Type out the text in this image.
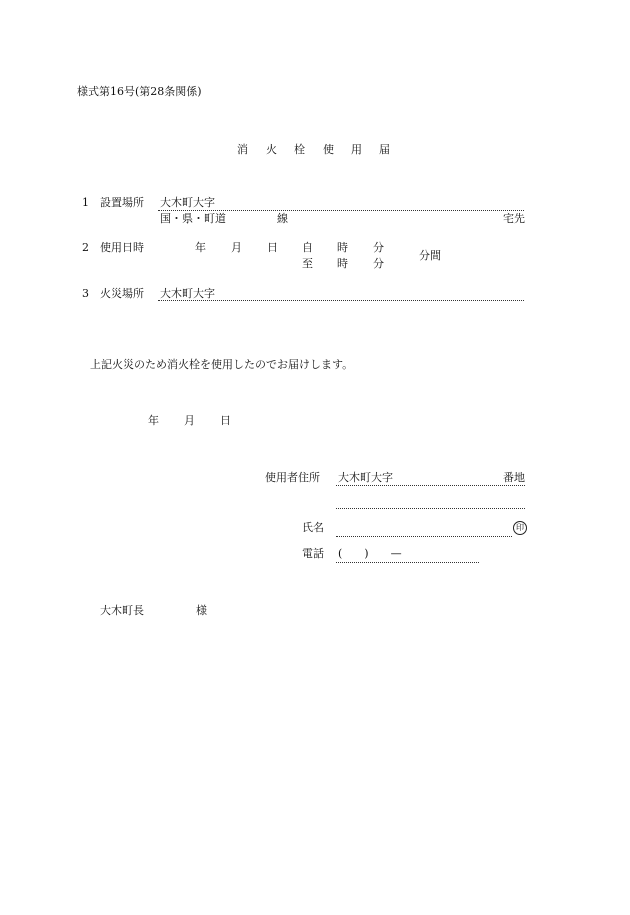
様式第16号(第28条関係)
消 火 栓 使 用 届
1 設置場所 大木町大字
国・県・町道	線	宅先
2 使用日時	年 月 日 自 時 分
至 時 分
分間
3 火災場所 大木町大字
上記火災のため消火栓を使用したのでお届けします。
年 月 日
使用者住所 大木町大字	番地
氏名	印
電話 (　　)　　—
大木町長	様
